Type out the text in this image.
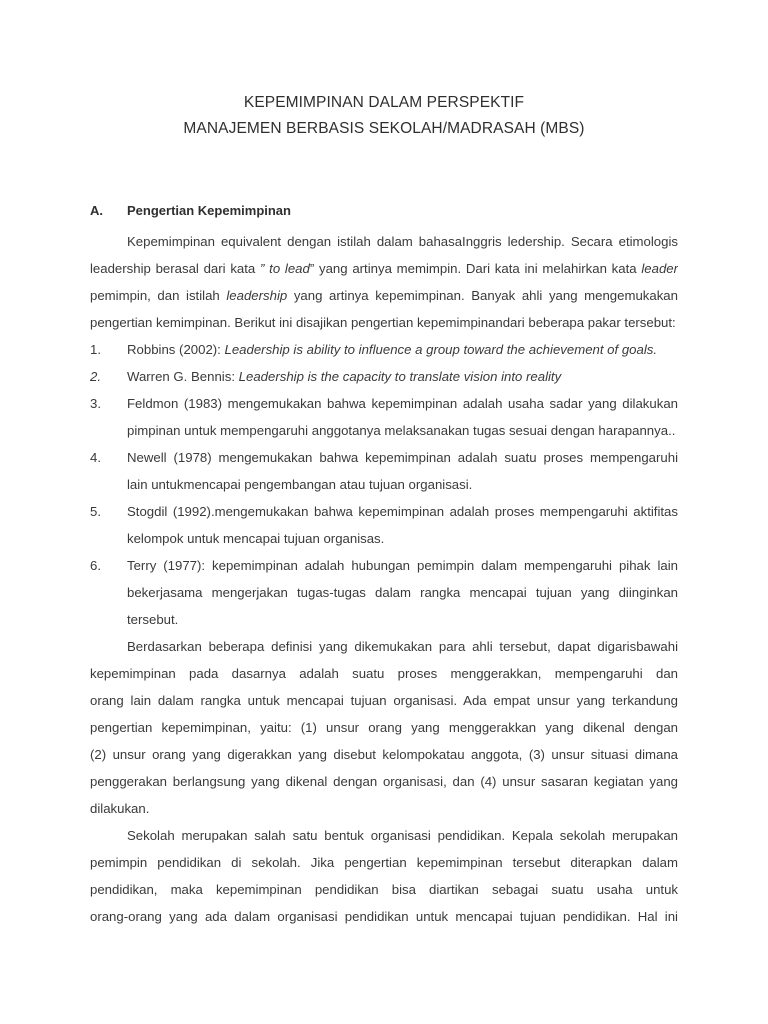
KEPEMIMPINAN DALAM PERSPEKTIF
MANAJEMEN BERBASIS SEKOLAH/MADRASAH (MBS)
A.	Pengertian Kepemimpinan
Kepemimpinan equivalent dengan istilah dalam bahasaInggris ledership. Secara etimologis
leadership berasal dari kata ” to lead” yang artinya memimpin. Dari kata ini melahirkan kata leader
pemimpin, dan istilah leadership yang artinya kepemimpinan. Banyak ahli yang mengemukakan
pengertian kemimpinan. Berikut ini disajikan pengertian kepemimpinandari beberapa pakar tersebut:
1. Robbins (2002): Leadership is ability to influence a group toward the achievement of goals.
2. Warren G. Bennis: Leadership is the capacity to translate vision into reality
3. Feldmon (1983) mengemukakan bahwa kepemimpinan adalah usaha sadar yang dilakukan
pimpinan untuk mempengaruhi anggotanya melaksanakan tugas sesuai dengan harapannya..
4. Newell (1978) mengemukakan bahwa kepemimpinan adalah suatu proses mempengaruhi
lain untukmencapai pengembangan atau tujuan organisasi.
5. Stogdil (1992).mengemukakan bahwa kepemimpinan adalah proses mempengaruhi aktifitas
kelompok untuk mencapai tujuan organisas.
6. Terry (1977): kepemimpinan adalah hubungan pemimpin dalam mempengaruhi pihak lain
bekerjasama mengerjakan tugas-tugas dalam rangka mencapai tujuan yang diinginkan
tersebut.
Berdasarkan beberapa definisi yang dikemukakan para ahli tersebut, dapat digarisbawahi
kepemimpinan pada dasarnya adalah suatu proses menggerakkan, mempengaruhi dan
orang lain dalam rangka untuk mencapai tujuan organisasi. Ada empat unsur yang terkandung
pengertian kepemimpinan, yaitu: (1) unsur orang yang menggerakkan yang dikenal dengan
(2) unsur orang yang digerakkan yang disebut kelompokatau anggota, (3) unsur situasi dimana
penggerakan berlangsung yang dikenal dengan organisasi, dan (4) unsur sasaran kegiatan yang
dilakukan.
Sekolah merupakan salah satu bentuk organisasi pendidikan. Kepala sekolah merupakan
pemimpin pendidikan di sekolah. Jika pengertian kepemimpinan tersebut diterapkan dalam
pendidikan, maka kepemimpinan pendidikan bisa diartikan sebagai suatu usaha untuk
orang-orang yang ada dalam organisasi pendidikan untuk mencapai tujuan pendidikan. Hal ini
